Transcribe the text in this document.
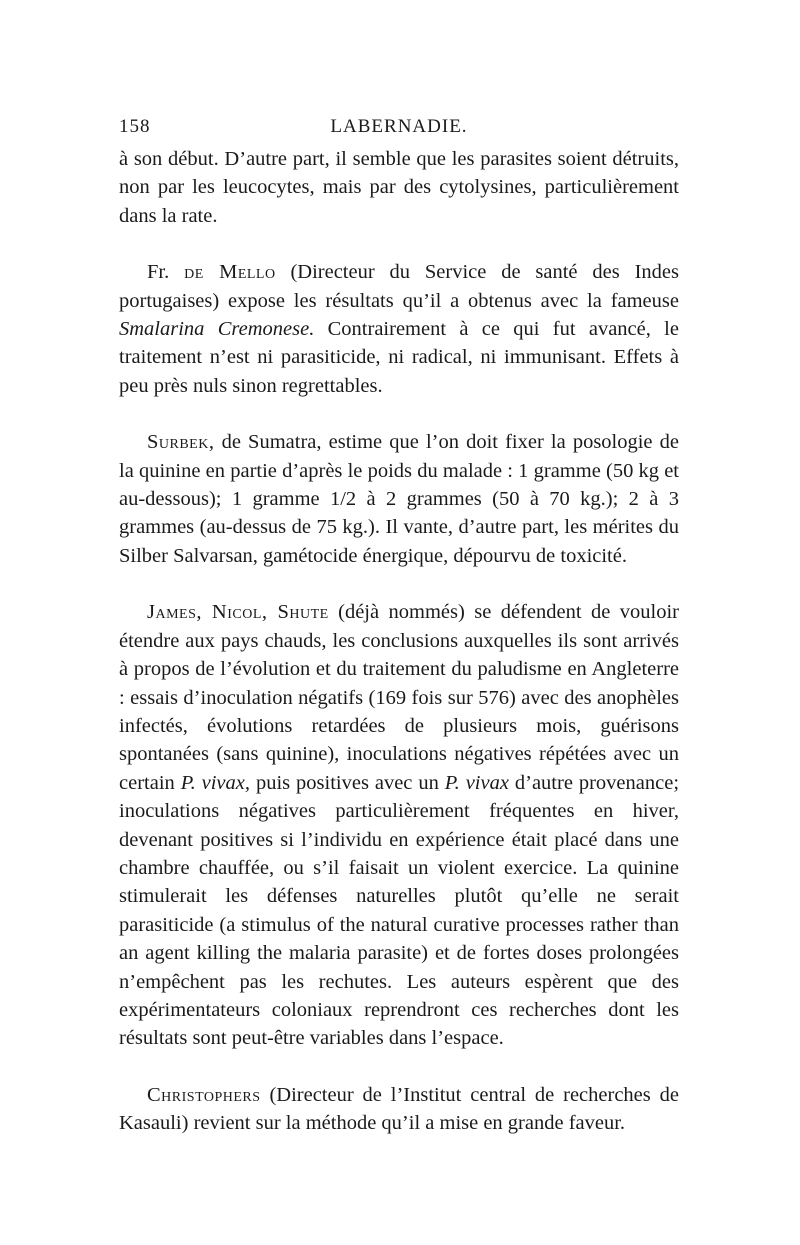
158	LABERNADIE.

à son début. D’autre part, il semble que les parasites soient détruits, non par les leucocytes, mais par des cytolysines, particulièrement dans la rate.

Fr. de Mello (Directeur du Service de santé des Indes portugaises) expose les résultats qu’il a obtenus avec la fameuse Smalarina Cremonese. Contrairement à ce qui fut avancé, le traitement n’est ni parasiticide, ni radical, ni immunisant. Effets à peu près nuls sinon regrettables.

Surbek, de Sumatra, estime que l’on doit fixer la posologie de la quinine en partie d’après le poids du malade : 1 gramme (50 kg et au-dessous); 1 gramme 1/2 à 2 grammes (50 à 70 kg.); 2 à 3 grammes (au-dessus de 75 kg.). Il vante, d’autre part, les mérites du Silber Salvarsan, gamétocide énergique, dépourvu de toxicité.

James, Nicol, Shute (déjà nommés) se défendent de vouloir étendre aux pays chauds, les conclusions auxquelles ils sont arrivés à propos de l’évolution et du traitement du paludisme en Angleterre : essais d’inoculation négatifs (169 fois sur 576) avec des anophèles infectés, évolutions retardées de plusieurs mois, guérisons spontanées (sans quinine), inoculations négatives répétées avec un certain P. vivax, puis positives avec un P. vivax d’autre provenance; inoculations négatives particulièrement fréquentes en hiver, devenant positives si l’individu en expérience était placé dans une chambre chauffée, ou s’il faisait un violent exercice. La quinine stimulerait les défenses naturelles plutôt qu’elle ne serait parasiticide (a stimulus of the natural curative processes rather than an agent killing the malaria parasite) et de fortes doses prolongées n’empêchent pas les rechutes. Les auteurs espèrent que des expérimentateurs coloniaux reprendront ces recherches dont les résultats sont peut-être variables dans l’espace.

Christophers (Directeur de l’Institut central de recherches de Kasauli) revient sur la méthode qu’il a mise en grande faveur.
